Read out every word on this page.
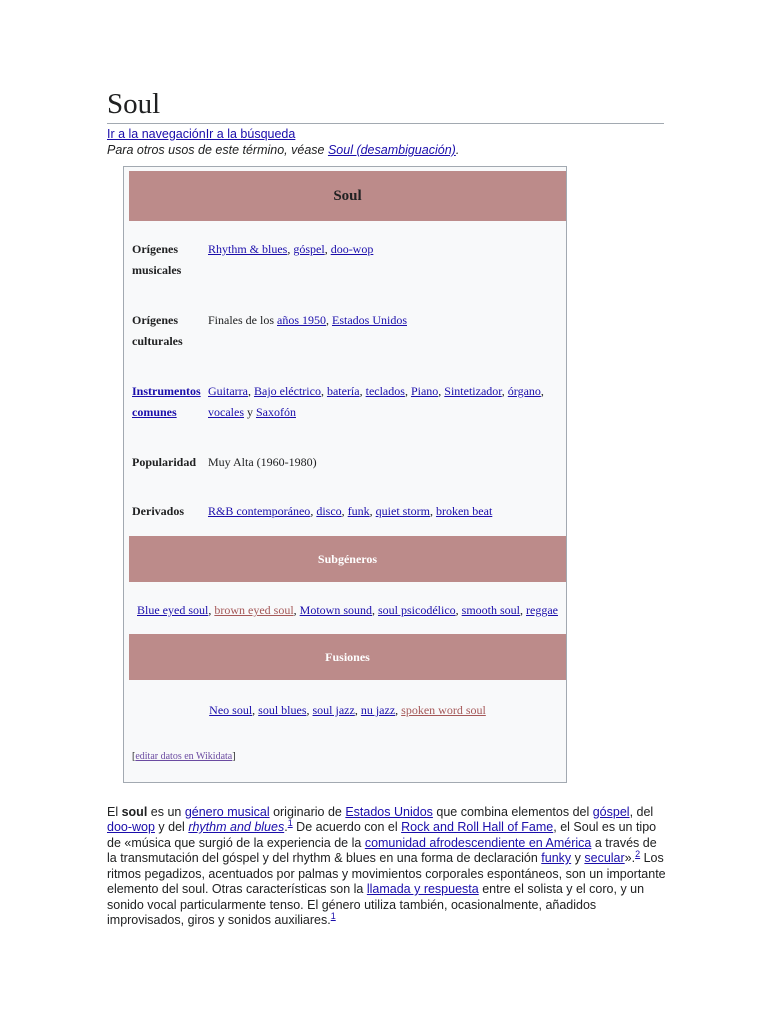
Soul
Ir a la navegaciónIr a la búsqueda
Para otros usos de este término, véase Soul (desambiguación).
Soul
Orígenes musicales
Rhythm & blues, góspel, doo-wop
Orígenes culturales
Finales de los años 1950, Estados Unidos
Instrumentos comunes
Guitarra, Bajo eléctrico, batería, teclados, Piano, Sintetizador, órgano, vocales y Saxofón
Popularidad Muy Alta (1960-1980)
Derivados	R&B contemporáneo, disco, funk, quiet storm, broken beat
Subgéneros
Blue eyed soul, brown eyed soul, Motown sound, soul psicodélico, smooth soul, reggae
Fusiones
Neo soul, soul blues, soul jazz, nu jazz, spoken word soul
[editar datos en Wikidata]

El soul es un género musical originario de Estados Unidos que combina elementos del góspel, del doo-wop y del rhythm and blues.$^1$ De acuerdo con el Rock and Roll Hall of Fame, el Soul es un tipo de «música que surgió de la experiencia de la comunidad afrodescendiente en América a través de la transmutación del góspel y del rhythm & blues en una forma de declaración funky y secular».$^2$ Los ritmos pegadizos, acentuados por palmas y movimientos corporales espontáneos, son un importante elemento del soul. Otras características son la llamada y respuesta entre el solista y el coro, y un sonido vocal particularmente tenso. El género utiliza también, ocasionalmente, añadidos improvisados, giros y sonidos auxiliares.$^1$
